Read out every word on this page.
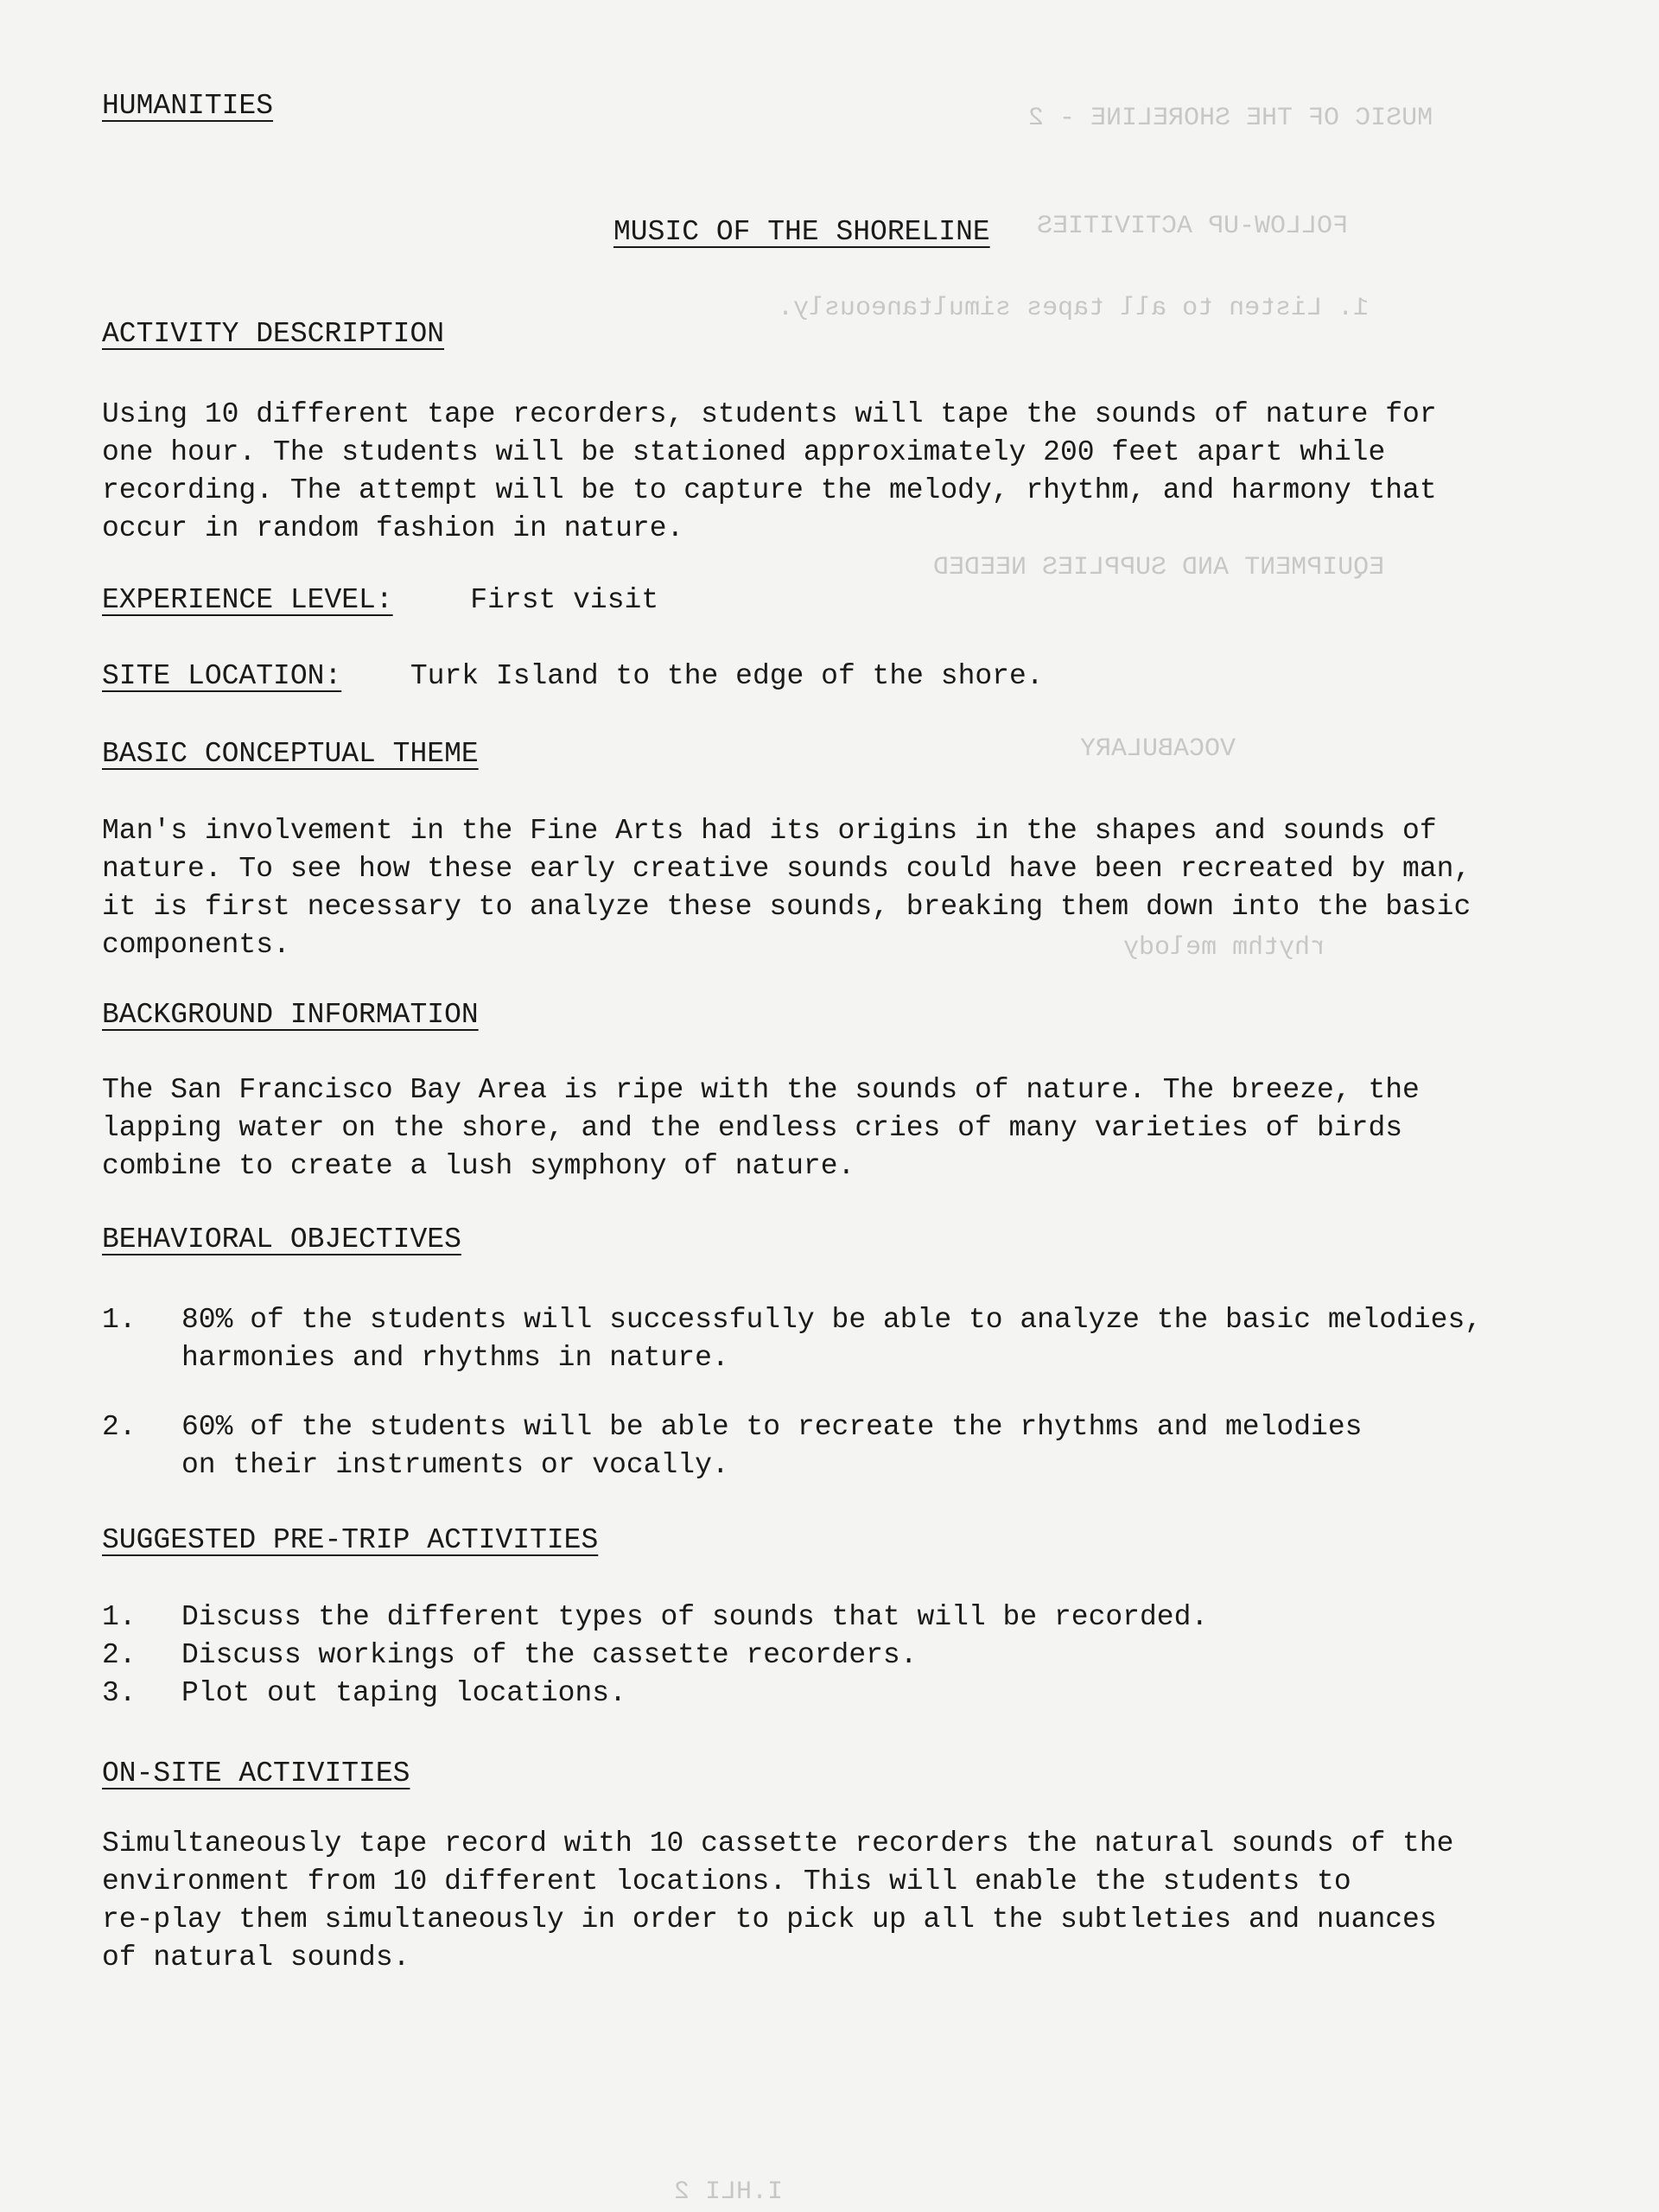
MUSIC OF THE SHORELINE - 2
FOLLOW-UP ACTIVITIES
1. Listen to all tapes simultaneously.
EQUIPMENT AND SUPPLIES NEEDED
VOCABULARY
rhythm melody
I.HLI 2
HUMANITIES
MUSIC OF THE SHORELINE
ACTIVITY DESCRIPTION
Using 10 different tape recorders, students will tape the sounds of nature for
one hour. The students will be stationed approximately 200 feet apart while
recording. The attempt will be to capture the melody, rhythm, and harmony that
occur in random fashion in nature.
EXPERIENCE LEVEL:	First visit
SITE LOCATION: Turk Island to the edge of the shore.
BASIC CONCEPTUAL THEME
Man's involvement in the Fine Arts had its origins in the shapes and sounds of
nature. To see how these early creative sounds could have been recreated by man,
it is first necessary to analyze these sounds, breaking them down into the basic
components.
BACKGROUND INFORMATION
The San Francisco Bay Area is ripe with the sounds of nature. The breeze, the
lapping water on the shore, and the endless cries of many varieties of birds
combine to create a lush symphony of nature.
BEHAVIORAL OBJECTIVES
1. 80% of the students will successfully be able to analyze the basic melodies,
harmonies and rhythms in nature.
2. 60% of the students will be able to recreate the rhythms and melodies
on their instruments or vocally.
SUGGESTED PRE-TRIP ACTIVITIES
1. Discuss the different types of sounds that will be recorded.
2. Discuss workings of the cassette recorders.
3. Plot out taping locations.
ON-SITE ACTIVITIES
Simultaneously tape record with 10 cassette recorders the natural sounds of the
environment from 10 different locations. This will enable the students to
re-play them simultaneously in order to pick up all the subtleties and nuances
of natural sounds.
